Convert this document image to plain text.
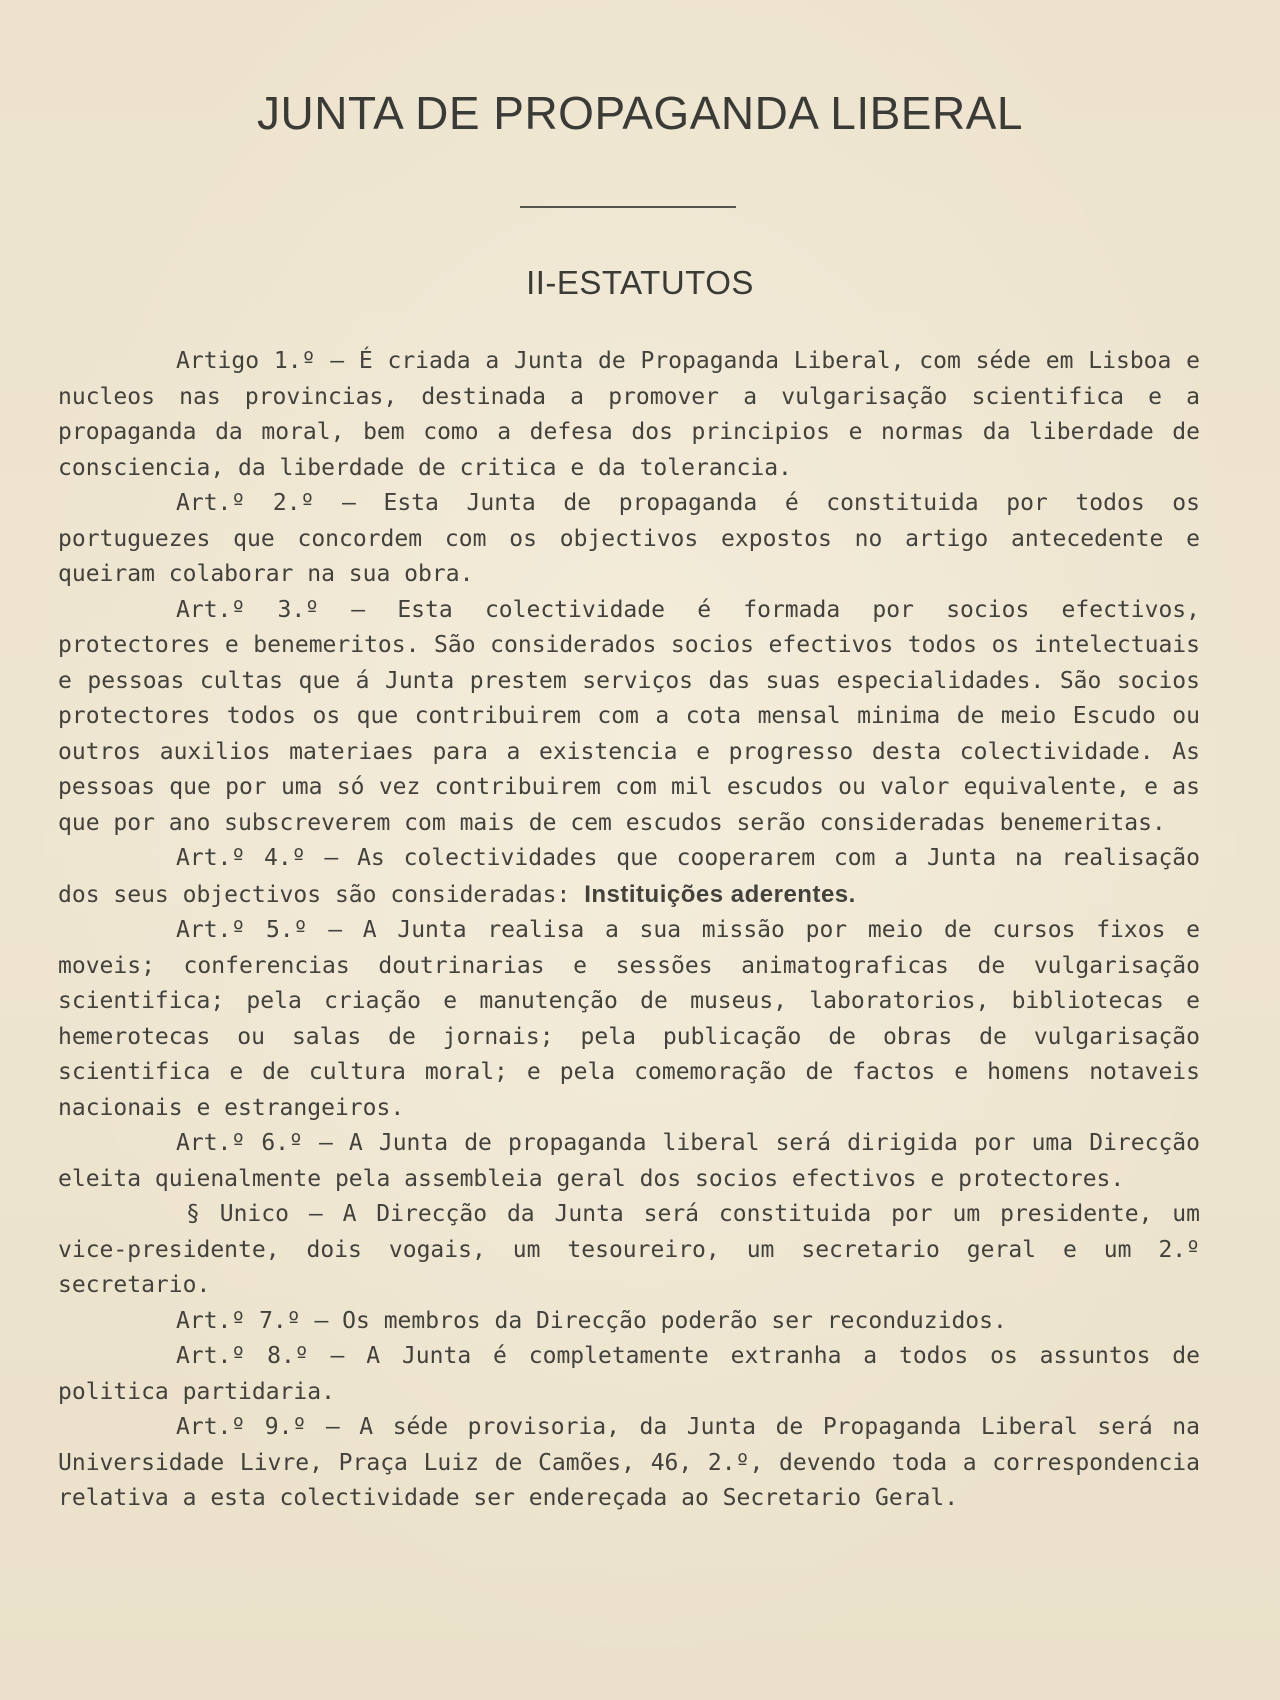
JUNTA DE PROPAGANDA LIBERAL
II-ESTATUTOS

Artigo 1.º — É criada a Junta de Propaganda Liberal, com séde em Lisboa e nucleos nas provincias, destinada a promover a vulgarisação scientifica e a propaganda da moral, bem como a defesa dos principios e normas da liberdade de consciencia, da liberdade de critica e da tolerancia.

Art.º 2.º — Esta Junta de propaganda é constituida por todos os portuguezes que concordem com os objectivos expostos no artigo antecedente e queiram colaborar na sua obra.

Art.º 3.º — Esta colectividade é formada por socios efectivos, protectores e benemeritos. São considerados socios efectivos todos os intelectuais e pessoas cultas que á Junta prestem serviços das suas especialidades. São socios protectores todos os que contribuirem com a cota mensal minima de meio Escudo ou outros auxilios materiaes para a existencia e progresso desta colectividade. As pessoas que por uma só vez contribuirem com mil escudos ou valor equivalente, e as que por ano subscreverem com mais de cem escudos serão consideradas benemeritas.

Art.º 4.º — As colectividades que cooperarem com a Junta na realisação dos seus objectivos são consideradas: Instituições aderentes.

Art.º 5.º — A Junta realisa a sua missão por meio de cursos fixos e moveis; conferencias doutrinarias e sessões animatograficas de vulgarisação scientifica; pela criação e manutenção de museus, laboratorios, bibliotecas e hemerotecas ou salas de jornais; pela publicação de obras de vulgarisação scientifica e de cultura moral; e pela comemoração de factos e homens notaveis nacionais e estrangeiros.

Art.º 6.º — A Junta de propaganda liberal será dirigida por uma Direcção eleita quienalmente pela assembleia geral dos socios efectivos e protectores.

§ Unico — A Direcção da Junta será constituida por um presidente, um vice-presidente, dois vogais, um tesoureiro, um secretario geral e um 2.º secretario.

Art.º 7.º — Os membros da Direcção poderão ser reconduzidos.

Art.º 8.º — A Junta é completamente extranha a todos os assuntos de politica partidaria.

Art.º 9.º — A séde provisoria, da Junta de Propaganda Liberal será na Universidade Livre, Praça Luiz de Camões, 46, 2.º, devendo toda a correspondencia relativa a esta colectividade ser endereçada ao Secretario Geral.
